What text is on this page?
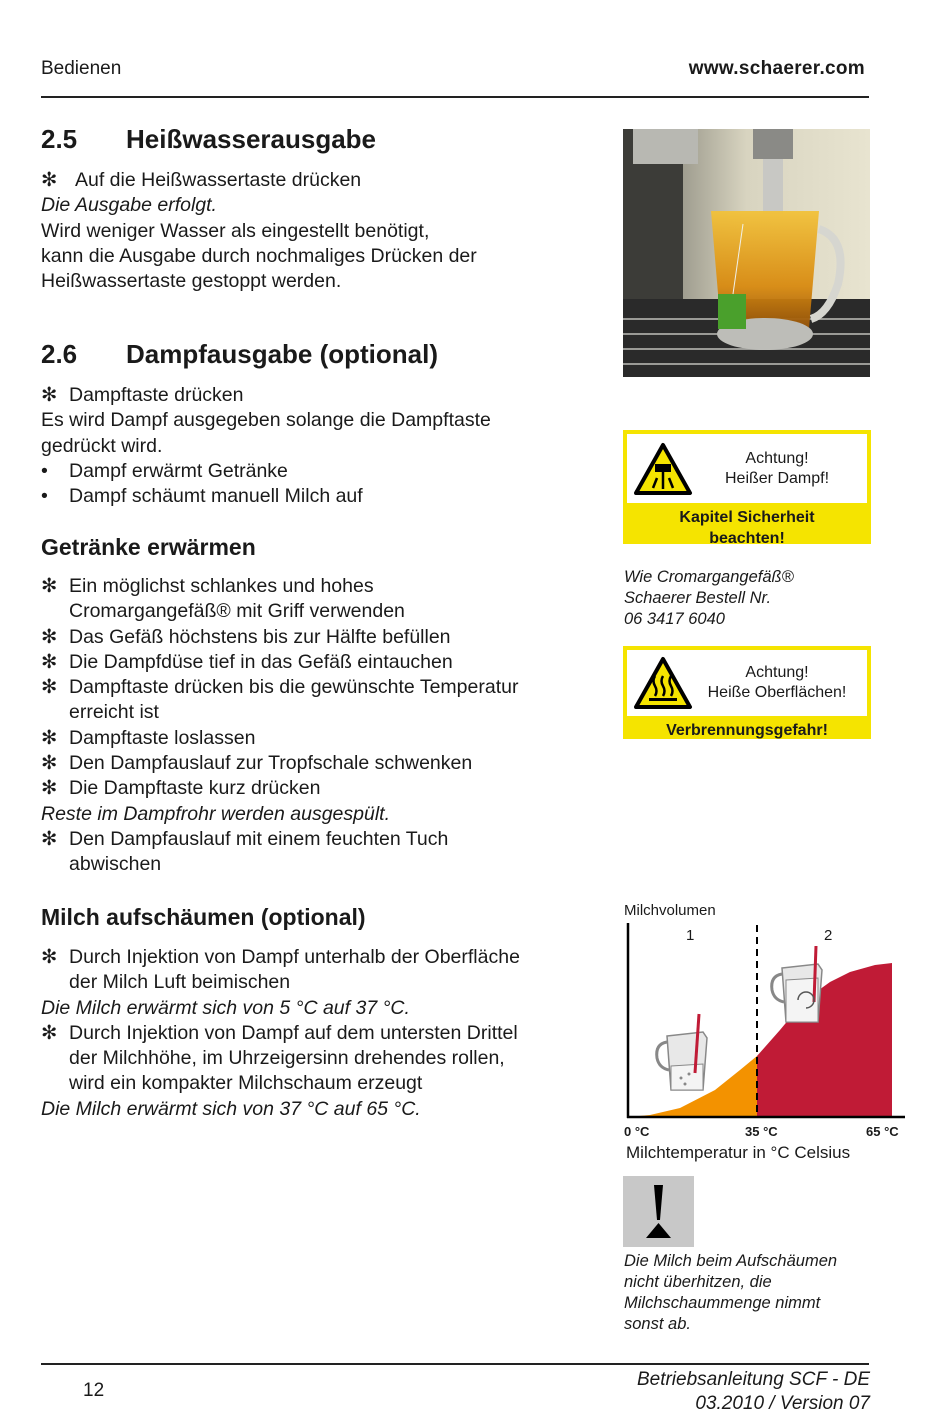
Bedienen	www.schaerer.com
2.5 Heißwasserausgabe

✻ Auf die Heißwassertaste drücken

Die Ausgabe erfolgt.

Wird weniger Wasser als eingestellt benötigt,

kann die Ausgabe durch nochmaliges Drücken der

Heißwassertaste gestoppt werden.

2.6 Dampfausgabe (optional)

✻ Dampftaste drücken

Es wird Dampf ausgegeben solange die Dampftaste

gedrückt wird.

•	Dampf erwärmt Getränke

•	Dampf schäumt manuell Milch auf

Getränke erwärmen

✻ Ein möglichst schlankes und hohes
Cromargangefäß® mit Griff verwenden

✻ Das Gefäß höchstens bis zur Hälfte befüllen

✻ Die Dampfdüse tief in das Gefäß eintauchen

✻ Dampftaste drücken bis die gewünschte Temperatur
erreicht ist

✻ Dampftaste loslassen

✻ Den Dampfauslauf zur Tropfschale schwenken

✻ Die Dampftaste kurz drücken

Reste im Dampfrohr werden ausgespült.

✻ Den Dampfauslauf mit einem feuchten Tuch
abwischen

Milch aufschäumen (optional)

✻ Durch Injektion von Dampf unterhalb der Oberfläche
der Milch Luft beimischen

Die Milch erwärmt sich von 5 °C auf 37 °C.

✻ Durch Injektion von Dampf auf dem untersten Drittel
der Milchhöhe, im Uhrzeigersinn drehendes rollen,
wird ein kompakter Milchschaum erzeugt

Die Milch erwärmt sich von 37 °C auf 65 °C.

Achtung!
Heißer Dampf!
Kapitel Sicherheit
beachten!
Wie Cromargangefäß®
Schaerer Bestell Nr.
06 3417 6040
Achtung!
Heiße Oberflächen!
Verbrennungsgefahr!
Milchvolumen
1	2
0 °C	35 °C	65 °C
Milchtemperatur in °C Celsius
Die Milch beim Aufschäumen
nicht überhitzen, die
Milchschaummenge nimmt
sonst ab.
12
Betriebsanleitung SCF - DE
03.2010 / Version 07
